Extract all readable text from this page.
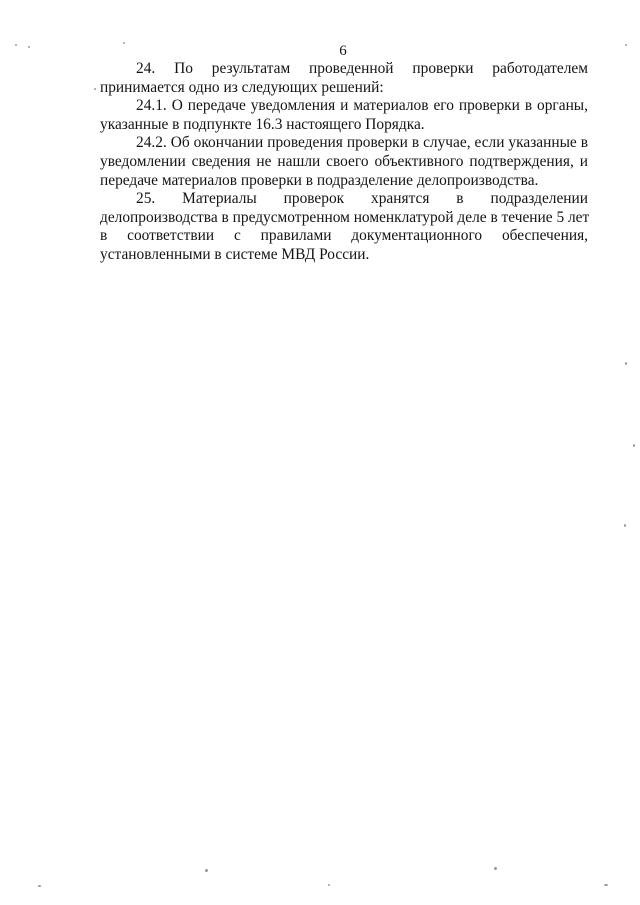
6

24. По результатам проведенной проверки работодателем
принимается одно из следующих решений:

24.1. О передаче уведомления и материалов его проверки в органы,
указанные в подпункте 16.3 настоящего Порядка.

24.2. Об окончании проведения проверки в случае, если указанные в
уведомлении сведения не нашли своего объективного подтверждения, и
передаче материалов проверки в подразделение делопроизводства.

25. Материалы проверок хранятся в подразделении
делопроизводства в предусмотренном номенклатурой деле в течение 5 лет
в соответствии с правилами документационного обеспечения,
установленными в системе МВД России.
